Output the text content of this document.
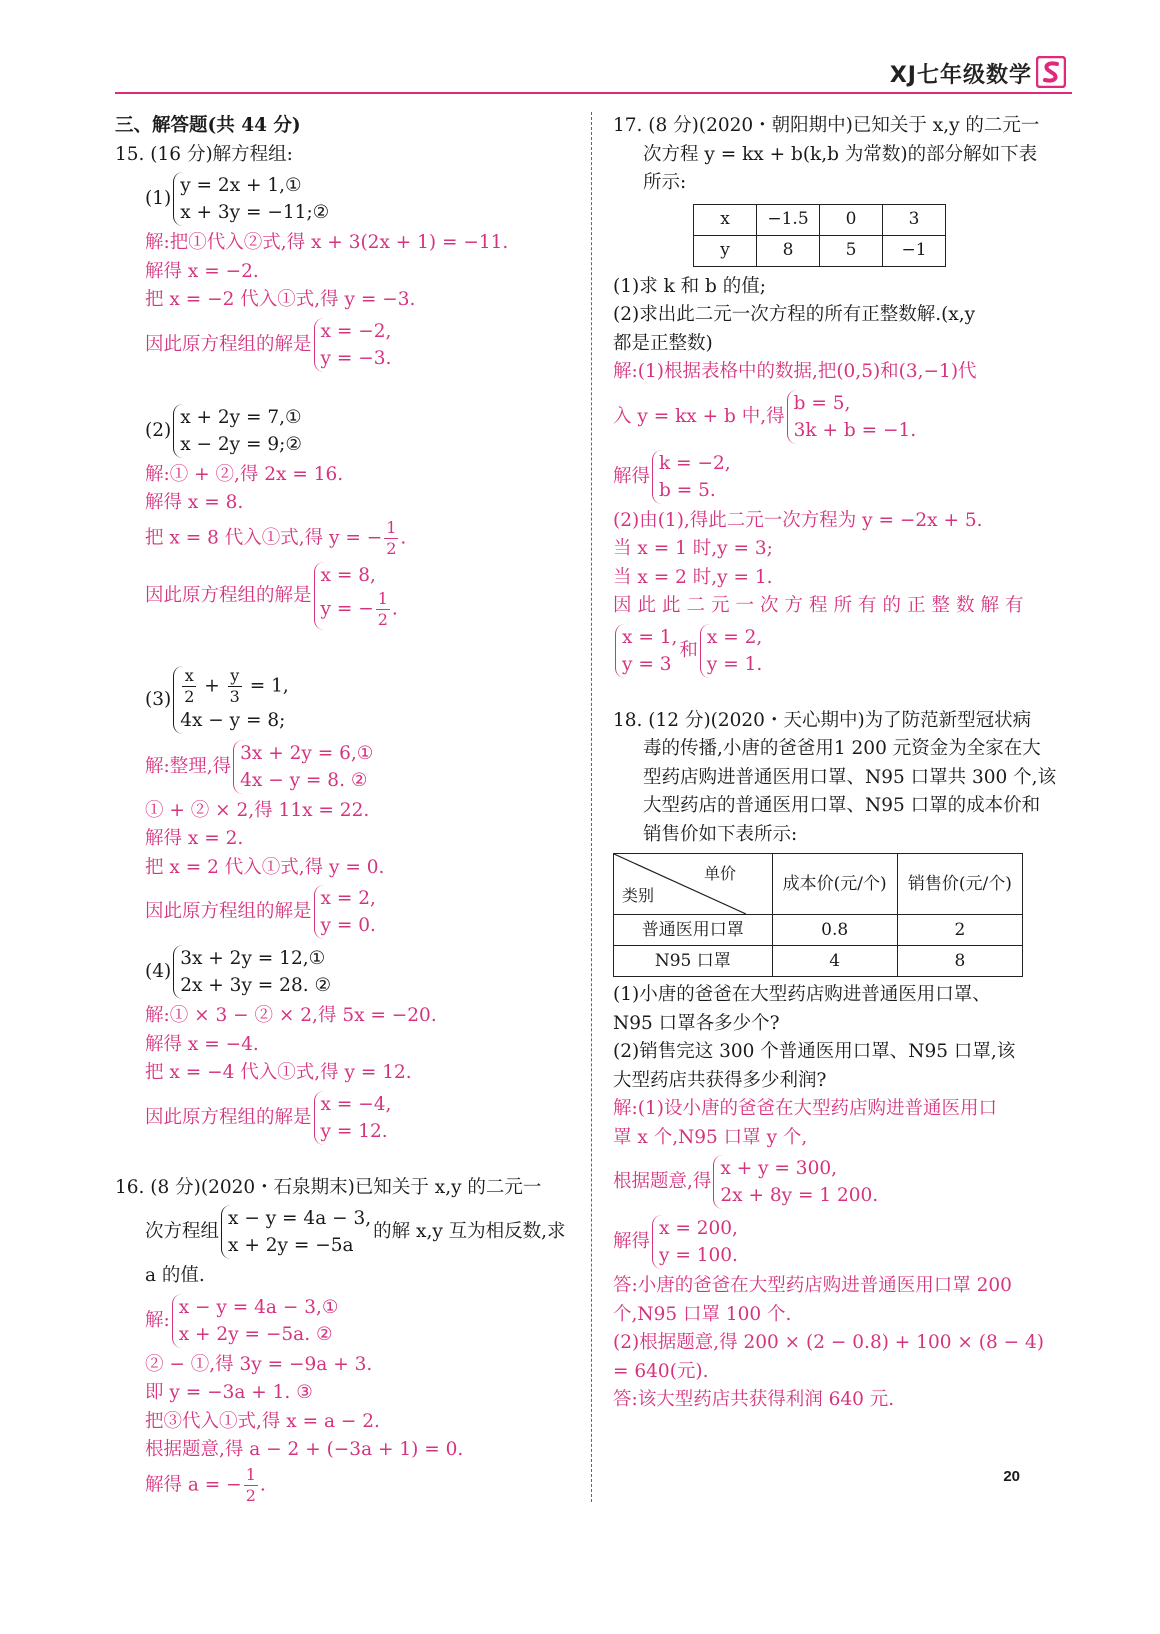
XJ七年级数学
三、解答题(共 44 分)
15. (16 分)解方程组:
(1)
y = 2x + 1,①
x + 3y = −11;②
解:把①代入②式,得 x + 3(2x + 1) = −11.
解得 x = −2.
把 x = −2 代入①式,得 y = −3.
因此原方程组的解是
x = −2,
y = −3.
(2)
x + 2y = 7,①
x − 2y = 9;②
解:① + ②,得 2x = 16.
解得 x = 8.
把 x = 8 代入①式,得 y = − $\frac{1}{2}$ .
因此原方程组的解是
x = 8,
y = − $\frac{1}{2}$ .
$(3) \frac{x}{2} + \frac{y}{3} = 1$,
4x − y = 8;
解:整理,得
3x + 2y = 6,①
4x − y = 8. ②
① + ② × 2,得 11x = 22.
解得 x = 2.
把 x = 2 代入①式,得 y = 0.
因此原方程组的解是
x = 2,
y = 0.
(4)
3x + 2y = 12,①
2x + 3y = 28. ②
解:① × 3 − ② × 2,得 5x = −20.
解得 x = −4.
把 x = −4 代入①式,得 y = 12.
因此原方程组的解是
x = −4,
y = 12.
16. (8 分)(2020・石泉期末)已知关于 x,y 的二元一
次方程组
x − y = 4a − 3,
x + 2y = −5a
的解 x,y 互为相反数,求
a 的值.
解:
x − y = 4a − 3,①
x + 2y = −5a. ②
② − ①,得 3y = −9a + 3.
即 y = −3a + 1. ③
把③代入①式,得 x = a − 2.
根据题意,得 a − 2 + (−3a + 1) = 0.
解得 a = − $\frac{1}{2}$ .
17. (8 分)(2020・朝阳期中)已知关于 x,y 的二元一
次方程 y = kx + b(k,b 为常数)的部分解如下表
所示:
x	−1.5	0	3
y	8	5	−1
(1)求 k 和 b 的值;
(2)求出此二元一次方程的所有正整数解.(x,y
都是正整数)
解:(1)根据表格中的数据,把(0,5)和(3,−1)代
入 y = kx + b 中,得
b = 5,
3k + b = −1.
解得
k = −2,
b = 5.
(2)由(1),得此二元一次方程为 y = −2x + 5.
当 x = 1 时,y = 3;
当 x = 2 时,y = 1.
因此此二元一次方程所有的正整数解有
x = 1,
y = 3
和
x = 2,
y = 1.
18. (12 分)(2020・天心期中)为了防范新型冠状病
毒的传播,小唐的爸爸用1 200 元资金为全家在大
型药店购进普通医用口罩、N95 口罩共 300 个,该
大型药店的普通医用口罩、N95 口罩的成本价和
销售价如下表所示:
单价
类别	成本价(元/个)	销售价(元/个)
普通医用口罩	0.8	2
N95 口罩	4	8
(1)小唐的爸爸在大型药店购进普通医用口罩、
N95 口罩各多少个?
(2)销售完这 300 个普通医用口罩、N95 口罩,该
大型药店共获得多少利润?
解:(1)设小唐的爸爸在大型药店购进普通医用口
罩 x 个,N95 口罩 y 个,
根据题意,得
x + y = 300,
2x + 8y = 1 200.
解得
x = 200,
y = 100.
答:小唐的爸爸在大型药店购进普通医用口罩 200
个,N95 口罩 100 个.
(2)根据题意,得 200 × (2 − 0.8) + 100 × (8 − 4)
= 640(元).
答:该大型药店共获得利润 640 元.
20
